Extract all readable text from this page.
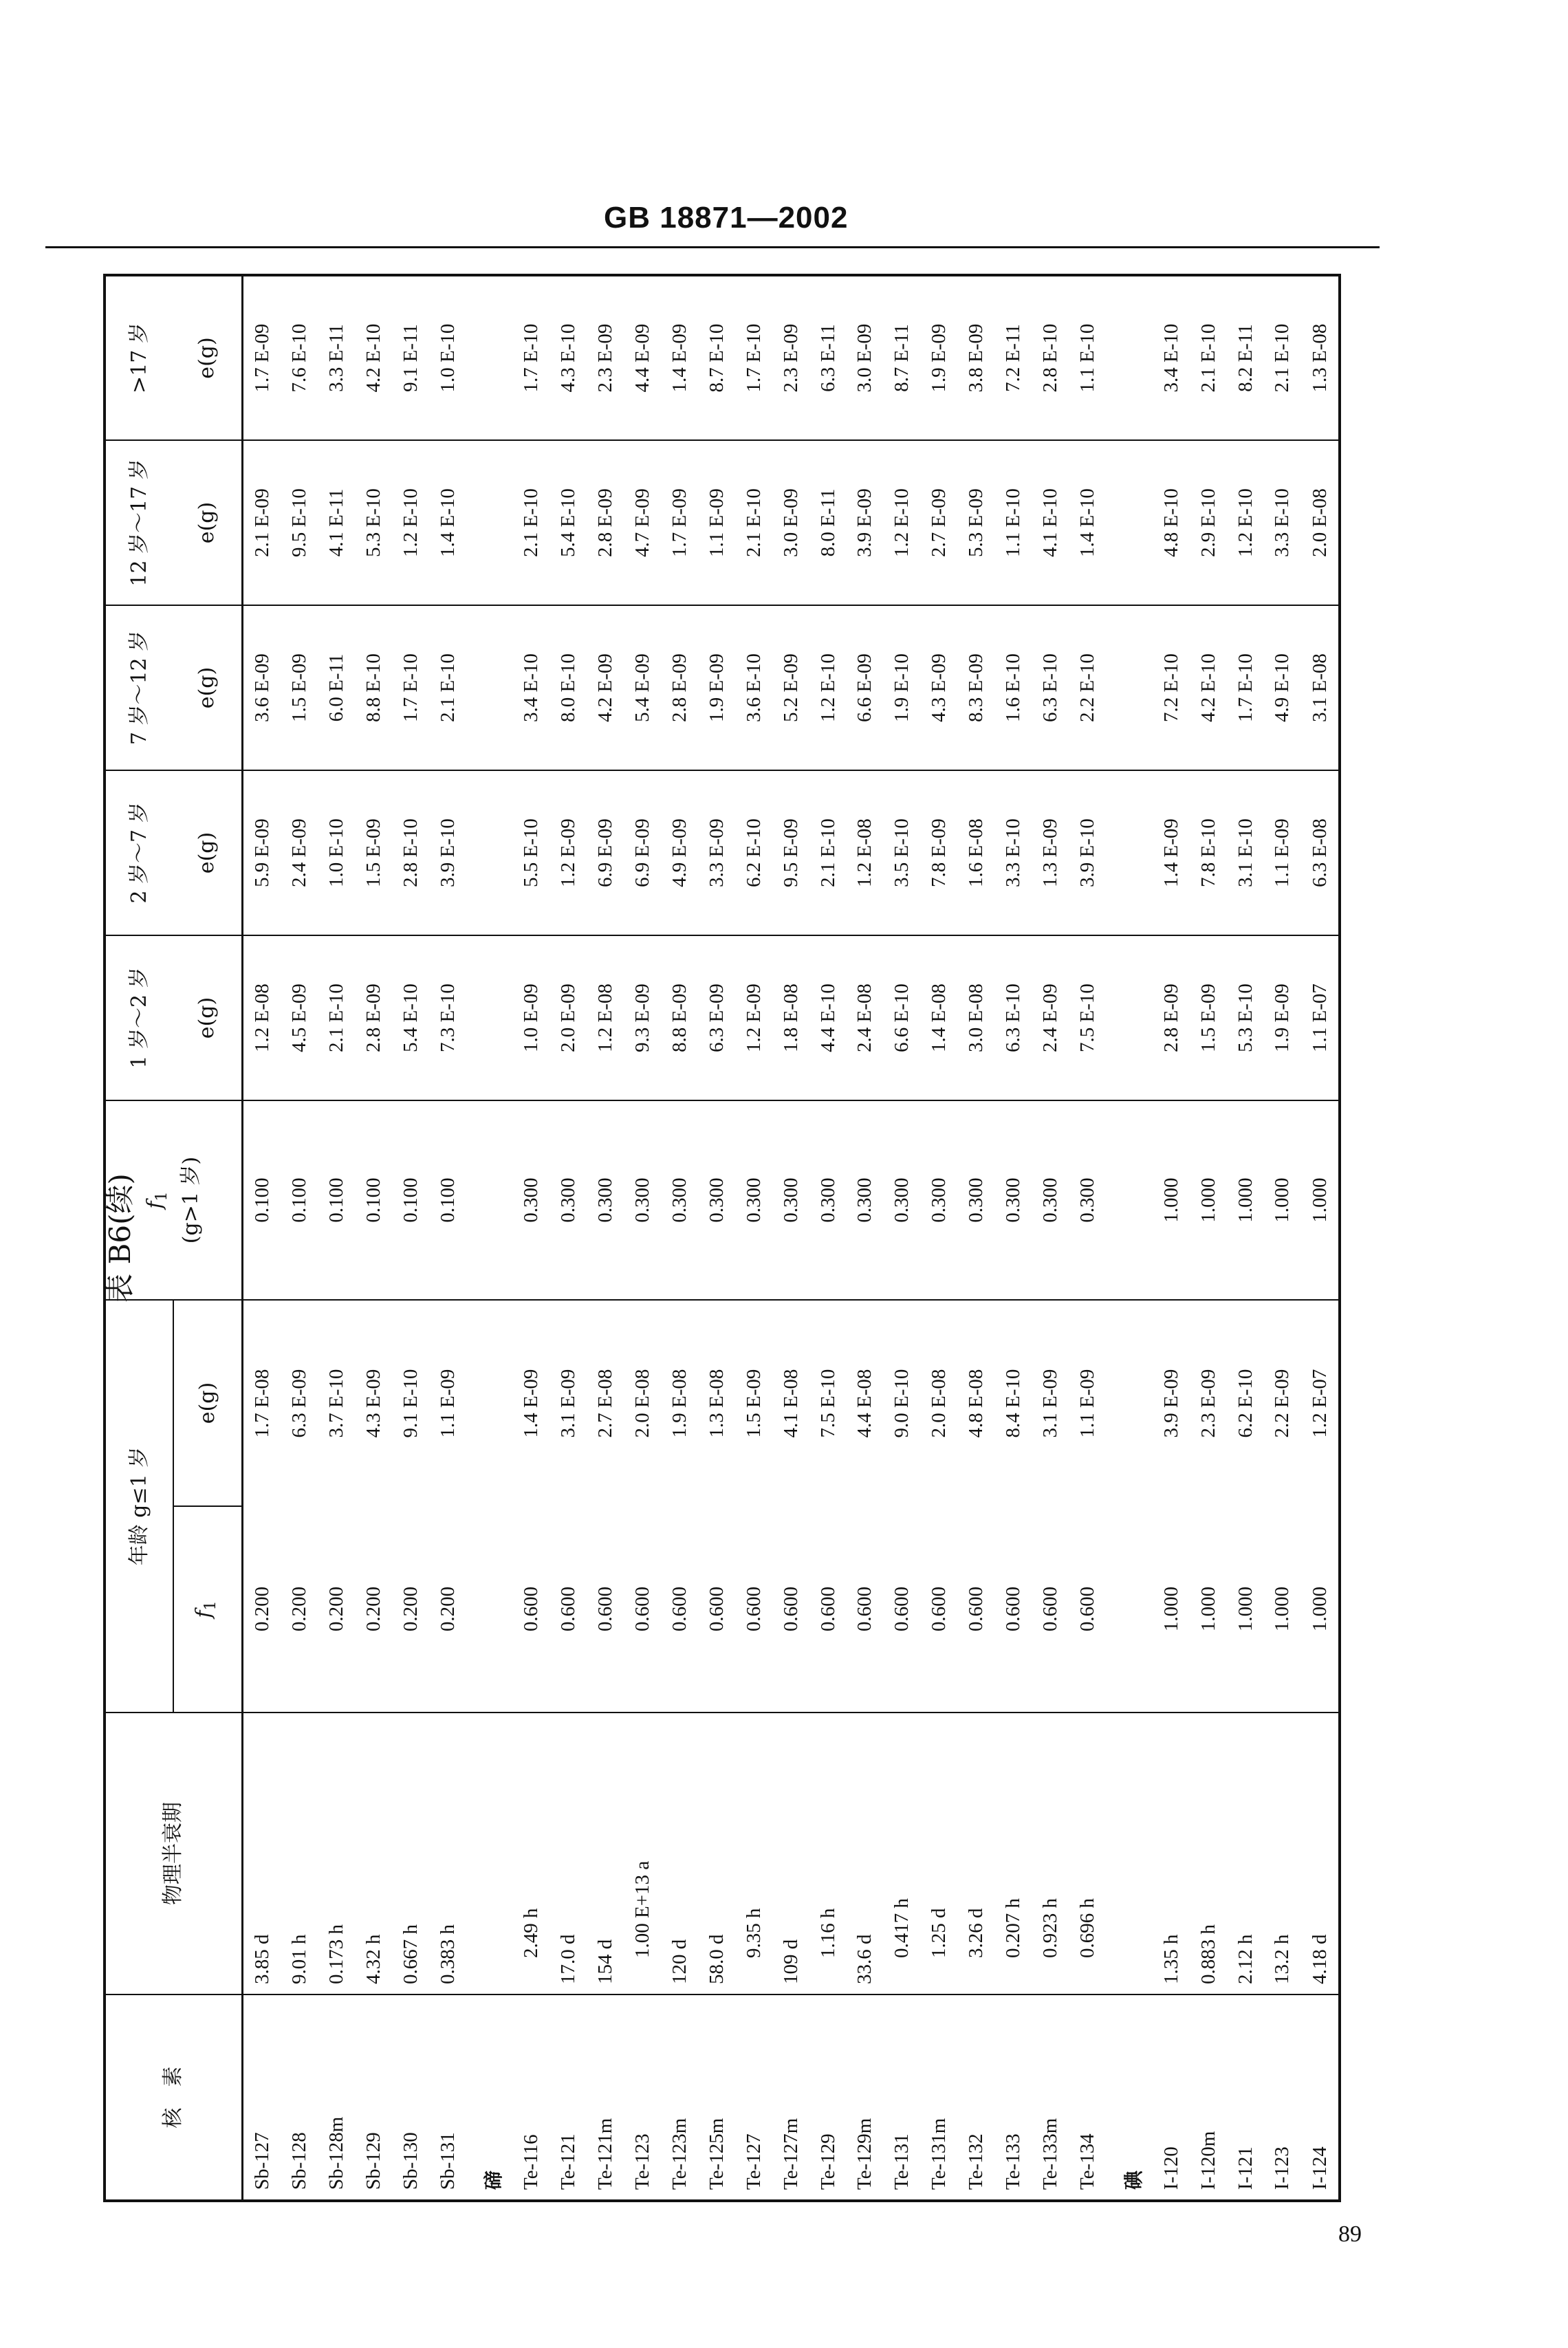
GB 18871—2002
表 B6(续)
核　素	物理半衰期	年龄 g≤1 岁		$f_1$ (g>1 岁)	1 岁～2 岁	2 岁～7 岁	7 岁～12 岁	12 岁～17 岁	>17 岁
		$f_1$	e(g)		e(g)	e(g)	e(g)	e(g)	e(g)
Sb-127	3.85 d	0.200	1.7 E-08	0.100	1.2 E-08	5.9 E-09	3.6 E-09	2.1 E-09	1.7 E-09
Sb-128	9.01 h	0.200	6.3 E-09	0.100	4.5 E-09	2.4 E-09	1.5 E-09	9.5 E-10	7.6 E-10
Sb-128m	0.173 h	0.200	3.7 E-10	0.100	2.1 E-10	1.0 E-10	6.0 E-11	4.1 E-11	3.3 E-11
Sb-129	4.32 h	0.200	4.3 E-09	0.100	2.8 E-09	1.5 E-09	8.8 E-10	5.3 E-10	4.2 E-10
Sb-130	0.667 h	0.200	9.1 E-10	0.100	5.4 E-10	2.8 E-10	1.7 E-10	1.2 E-10	9.1 E-11
Sb-131	0.383 h	0.200	1.1 E-09	0.100	7.3 E-10	3.9 E-10	2.1 E-10	1.4 E-10	1.0 E-10

碲									
Te-116	2.49 h	0.600	1.4 E-09	0.300	1.0 E-09	5.5 E-10	3.4 E-10	2.1 E-10	1.7 E-10
Te-121	17.0 d	0.600	3.1 E-09	0.300	2.0 E-09	1.2 E-09	8.0 E-10	5.4 E-10	4.3 E-10
Te-121m	154 d	0.600	2.7 E-08	0.300	1.2 E-08	6.9 E-09	4.2 E-09	2.8 E-09	2.3 E-09
Te-123	1.00 E+13 a	0.600	2.0 E-08	0.300	9.3 E-09	6.9 E-09	5.4 E-09	4.7 E-09	4.4 E-09
Te-123m	120 d	0.600	1.9 E-08	0.300	8.8 E-09	4.9 E-09	2.8 E-09	1.7 E-09	1.4 E-09
Te-125m	58.0 d	0.600	1.3 E-08	0.300	6.3 E-09	3.3 E-09	1.9 E-09	1.1 E-09	8.7 E-10
Te-127	9.35 h	0.600	1.5 E-09	0.300	1.2 E-09	6.2 E-10	3.6 E-10	2.1 E-10	1.7 E-10
Te-127m	109 d	0.600	4.1 E-08	0.300	1.8 E-08	9.5 E-09	5.2 E-09	3.0 E-09	2.3 E-09
Te-129	1.16 h	0.600	7.5 E-10	0.300	4.4 E-10	2.1 E-10	1.2 E-10	8.0 E-11	6.3 E-11
Te-129m	33.6 d	0.600	4.4 E-08	0.300	2.4 E-08	1.2 E-08	6.6 E-09	3.9 E-09	3.0 E-09
Te-131	0.417 h	0.600	9.0 E-10	0.300	6.6 E-10	3.5 E-10	1.9 E-10	1.2 E-10	8.7 E-11
Te-131m	1.25 d	0.600	2.0 E-08	0.300	1.4 E-08	7.8 E-09	4.3 E-09	2.7 E-09	1.9 E-09
Te-132	3.26 d	0.600	4.8 E-08	0.300	3.0 E-08	1.6 E-08	8.3 E-09	5.3 E-09	3.8 E-09
Te-133	0.207 h	0.600	8.4 E-10	0.300	6.3 E-10	3.3 E-10	1.6 E-10	1.1 E-10	7.2 E-11
Te-133m	0.923 h	0.600	3.1 E-09	0.300	2.4 E-09	1.3 E-09	6.3 E-10	4.1 E-10	2.8 E-10
Te-134	0.696 h	0.600	1.1 E-09	0.300	7.5 E-10	3.9 E-10	2.2 E-10	1.4 E-10	1.1 E-10

碘									
I-120	1.35 h	1.000	3.9 E-09	1.000	2.8 E-09	1.4 E-09	7.2 E-10	4.8 E-10	3.4 E-10
I-120m	0.883 h	1.000	2.3 E-09	1.000	1.5 E-09	7.8 E-10	4.2 E-10	2.9 E-10	2.1 E-10
I-121	2.12 h	1.000	6.2 E-10	1.000	5.3 E-10	3.1 E-10	1.7 E-10	1.2 E-10	8.2 E-11
I-123	13.2 h	1.000	2.2 E-09	1.000	1.9 E-09	1.1 E-09	4.9 E-10	3.3 E-10	2.1 E-10
I-124	4.18 d	1.000	1.2 E-07	1.000	1.1 E-07	6.3 E-08	3.1 E-08	2.0 E-08	1.3 E-08
89
